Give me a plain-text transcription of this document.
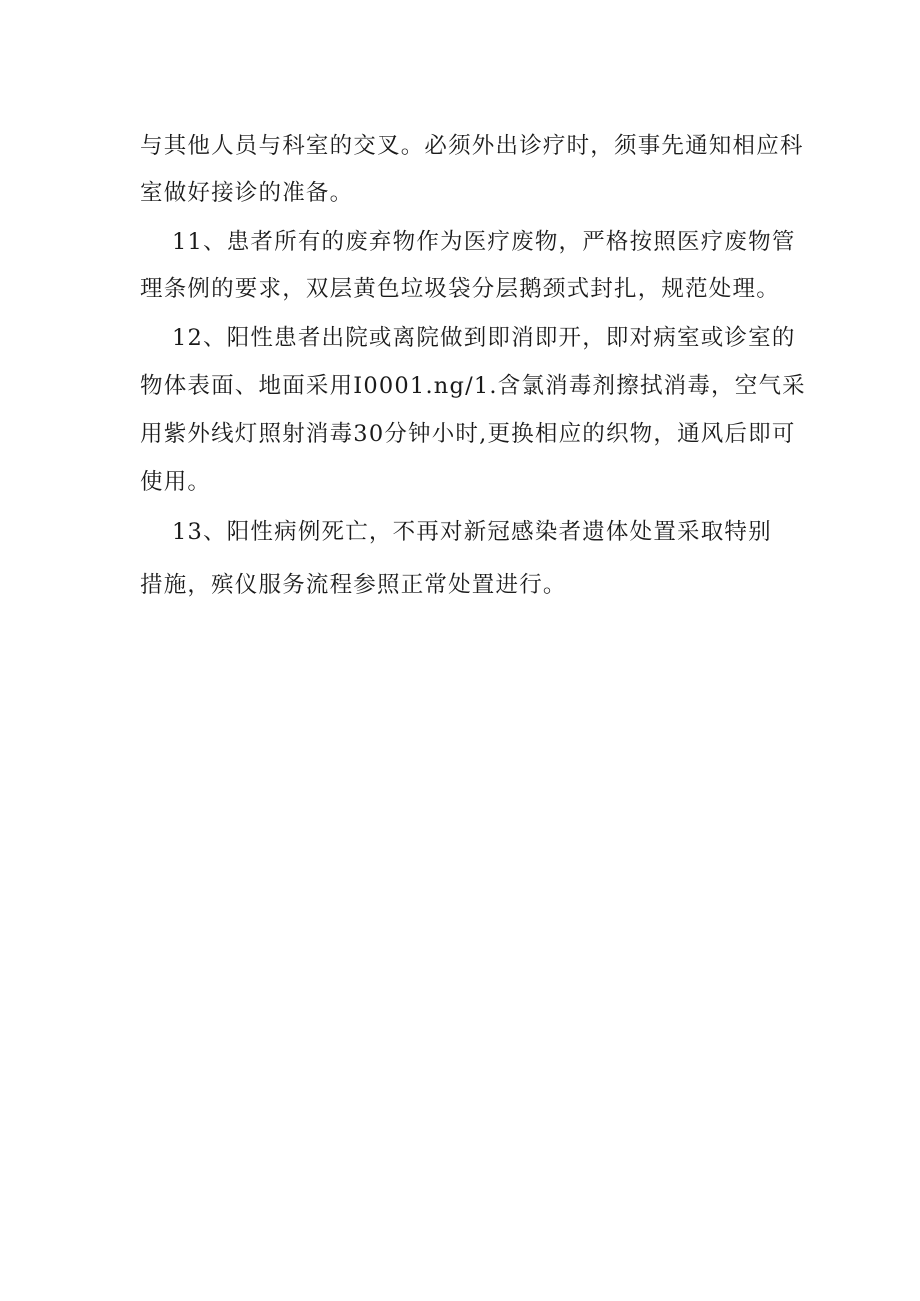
与其他人员与科室的交叉。必须外出诊疗时，须事先通知相应科

室做好接诊的准备。

11、患者所有的废弃物作为医疗废物，严格按照医疗废物管

理条例的要求，双层黄色垃圾袋分层鹅颈式封扎，规范处理。

12、阳性患者出院或离院做到即消即开，即对病室或诊室的

物体表面、地面采用I0001.ng/1.含氯消毒剂擦拭消毒，空气采

用紫外线灯照射消毒30分钟小时,更换相应的织物，通风后即可

使用。

13、阳性病例死亡，不再对新冠感染者遗体处置采取特别

措施，殡仪服务流程参照正常处置进行。
